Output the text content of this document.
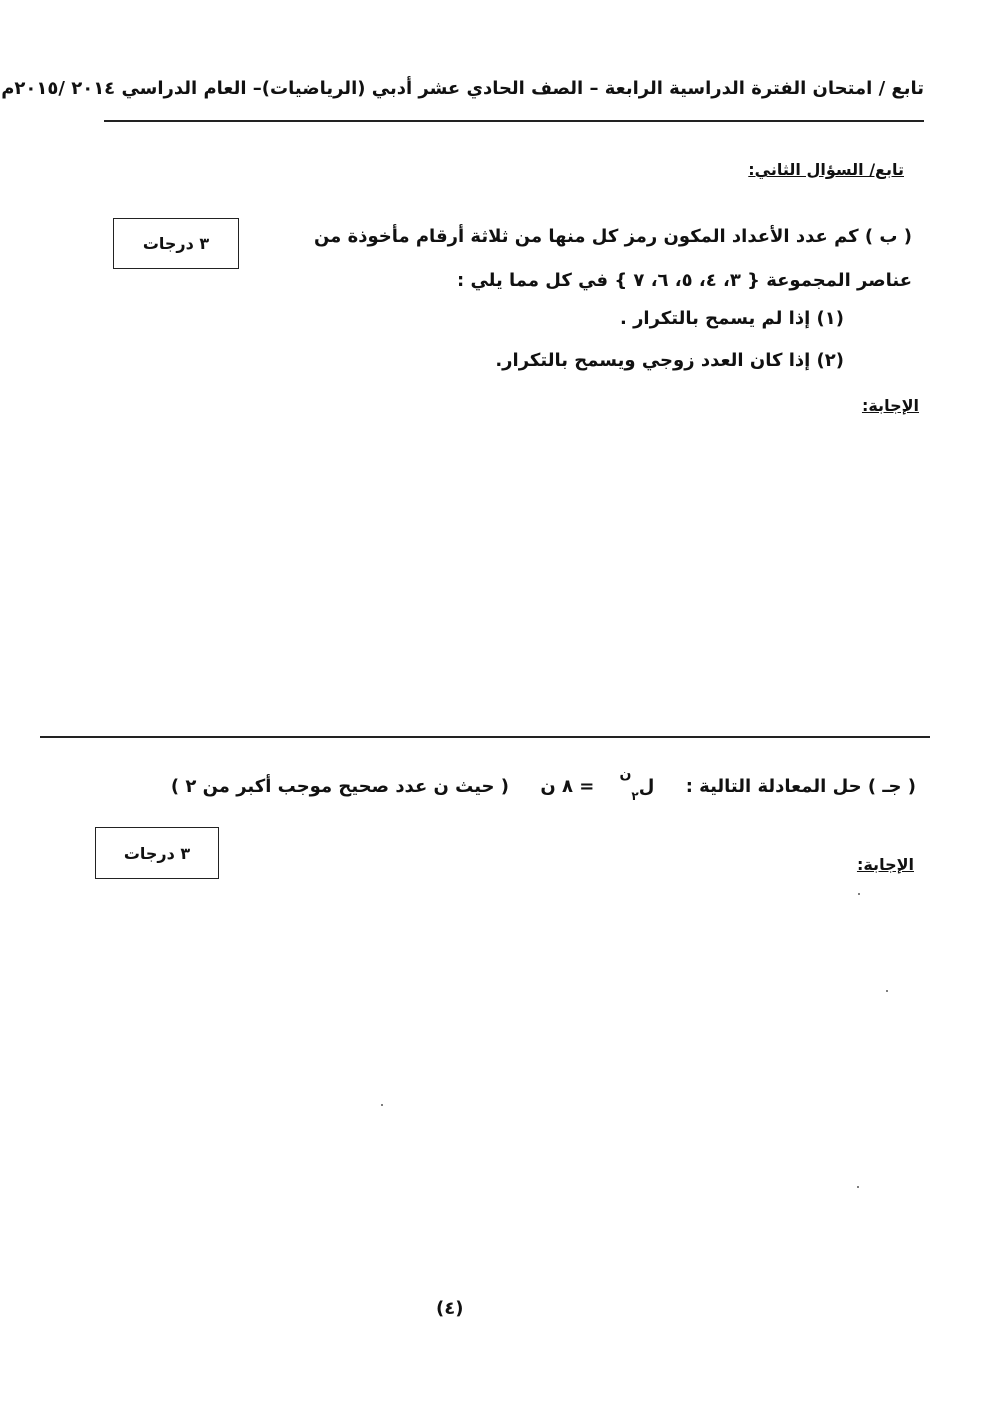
تابع / امتحان الفترة الدراسية الرابعة – الصف الحادي عشر أدبي (الرياضيات)– العام الدراسي ٢٠١٤ /٢٠١٥م
تابع/ السؤال الثاني:
( ب ) كم عدد الأعداد المكون رمز كل منها من ثلاثة أرقام مأخوذة من عناصر المجموعة { ٣، ٤، ٥، ٦، ٧ } في كل مما يلي :
(١) إذا لم يسمح بالتكرار .
(٢) إذا كان العدد زوجي ويسمح بالتكرار.
٣ درجات
الإجابة:
( جـ ) حل المعادلة التالية :     ل$_٢^ن$    = ٨ ن     ( حيث ن عدد صحيح موجب أكبر من ٢ )
٣ درجات
الإجابة:
(٤)
